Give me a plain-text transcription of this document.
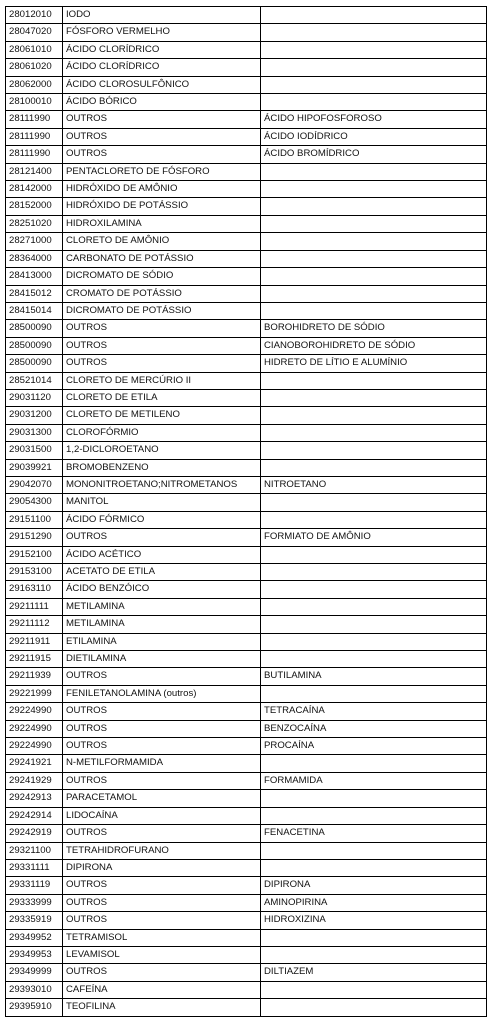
28012010	IODO	
28047020	FÓSFORO VERMELHO	
28061010	ÁCIDO CLORÍDRICO	
28061020	ÁCIDO CLORÍDRICO	
28062000	ÁCIDO CLOROSULFÔNICO	
28100010	ÁCIDO BÓRICO	
28111990	OUTROS	ÁCIDO HIPOFOSFOROSO
28111990	OUTROS	ÁCIDO IODÍDRICO
28111990	OUTROS	ÁCIDO BROMÍDRICO
28121400	PENTACLORETO DE FÓSFORO	
28142000	HIDRÓXIDO DE AMÔNIO	
28152000	HIDRÓXIDO DE POTÁSSIO	
28251020	HIDROXILAMINA	
28271000	CLORETO DE AMÔNIO	
28364000	CARBONATO DE POTÁSSIO	
28413000	DICROMATO DE SÓDIO	
28415012	CROMATO DE POTÁSSIO	
28415014	DICROMATO DE POTÁSSIO	
28500090	OUTROS	BOROHIDRETO DE SÓDIO
28500090	OUTROS	CIANOBOROHIDRETO DE SÓDIO
28500090	OUTROS	HIDRETO DE LÍTIO E ALUMÍNIO
28521014	CLORETO DE MERCÚRIO II	
29031120	CLORETO DE ETILA	
29031200	CLORETO DE METILENO	
29031300	CLOROFÓRMIO	
29031500	1,2-DICLOROETANO	
29039921	BROMOBENZENO	
29042070	MONONITROETANO;NITROMETANOS	NITROETANO
29054300	MANITOL	
29151100	ÁCIDO FÓRMICO	
29151290	OUTROS	FORMIATO DE AMÔNIO
29152100	ÁCIDO ACÉTICO	
29153100	ACETATO DE ETILA	
29163110	ÁCIDO BENZÓICO	
29211111	METILAMINA	
29211112	METILAMINA	
29211911	ETILAMINA	
29211915	DIETILAMINA	
29211939	OUTROS	BUTILAMINA
29221999	FENILETANOLAMINA (outros)	
29224990	OUTROS	TETRACAÍNA
29224990	OUTROS	BENZOCAÍNA
29224990	OUTROS	PROCAÍNA
29241921	N-METILFORMAMIDA	
29241929	OUTROS	FORMAMIDA
29242913	PARACETAMOL	
29242914	LIDOCAÍNA	
29242919	OUTROS	FENACETINA
29321100	TETRAHIDROFURANO	
29331111	DIPIRONA	
29331119	OUTROS	DIPIRONA
29333999	OUTROS	AMINOPIRINA
29335919	OUTROS	HIDROXIZINA
29349952	TETRAMISOL	
29349953	LEVAMISOL	
29349999	OUTROS	DILTIAZEM
29393010	CAFEÍNA	
29395910	TEOFILINA	
